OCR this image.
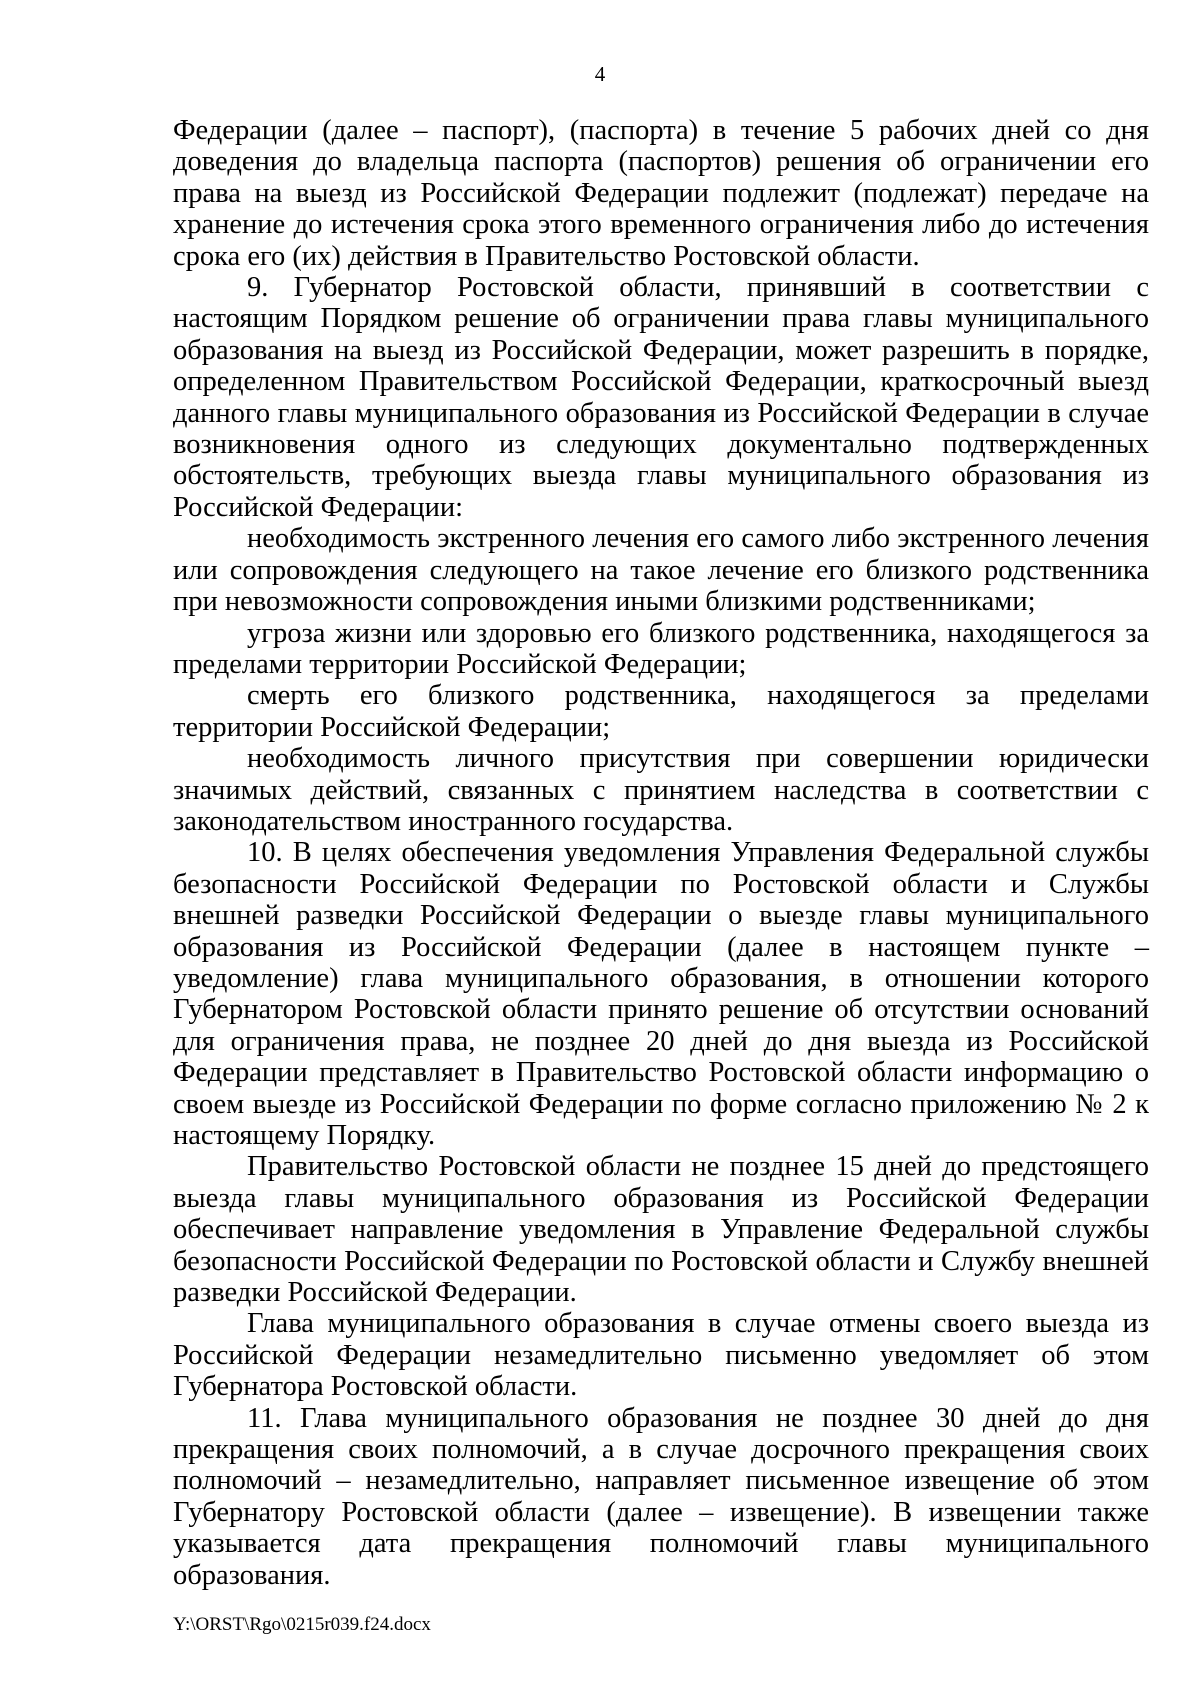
4

Федерации (далее – паспорт), (паспорта) в течение 5 рабочих дней со дня доведения до владельца паспорта (паспортов) решения об ограничении его права на выезд из Российской Федерации подлежит (подлежат) передаче на хранение до истечения срока этого временного ограничения либо до истечения срока его (их) действия в Правительство Ростовской области.

9. Губернатор Ростовской области, принявший в соответствии с настоящим Порядком решение об ограничении права главы муниципального образования на выезд из Российской Федерации, может разрешить в порядке, определенном Правительством Российской Федерации, краткосрочный выезд данного главы муниципального образования из Российской Федерации в случае возникновения одного из следующих документально подтвержденных обстоятельств, требующих выезда главы муниципального образования из Российской Федерации:

необходимость экстренного лечения его самого либо экстренного лечения или сопровождения следующего на такое лечение его близкого родственника при невозможности сопровождения иными близкими родственниками;

угроза жизни или здоровью его близкого родственника, находящегося за пределами территории Российской Федерации;

смерть его близкого родственника, находящегося за пределами территории Российской Федерации;

необходимость личного присутствия при совершении юридически значимых действий, связанных с принятием наследства в соответствии с законодательством иностранного государства.

10. В целях обеспечения уведомления Управления Федеральной службы безопасности Российской Федерации по Ростовской области и Службы внешней разведки Российской Федерации о выезде главы муниципального образования из Российской Федерации (далее в настоящем пункте – уведомление) глава муниципального образования, в отношении которого Губернатором Ростовской области принято решение об отсутствии оснований для ограничения права, не позднее 20 дней до дня выезда из Российской Федерации представляет в Правительство Ростовской области информацию о своем выезде из Российской Федерации по форме согласно приложению № 2 к настоящему Порядку.

Правительство Ростовской области не позднее 15 дней до предстоящего выезда главы муниципального образования из Российской Федерации обеспечивает направление уведомления в Управление Федеральной службы безопасности Российской Федерации по Ростовской области и Службу внешней разведки Российской Федерации.

Глава муниципального образования в случае отмены своего выезда из Российской Федерации незамедлительно письменно уведомляет об этом Губернатора Ростовской области.

11. Глава муниципального образования не позднее 30 дней до дня прекращения своих полномочий, а в случае досрочного прекращения своих полномочий – незамедлительно, направляет письменное извещение об этом Губернатору Ростовской области (далее – извещение). В извещении также указывается дата прекращения полномочий главы муниципального образования.

Y:\ORST\Rgo\0215r039.f24.docx
